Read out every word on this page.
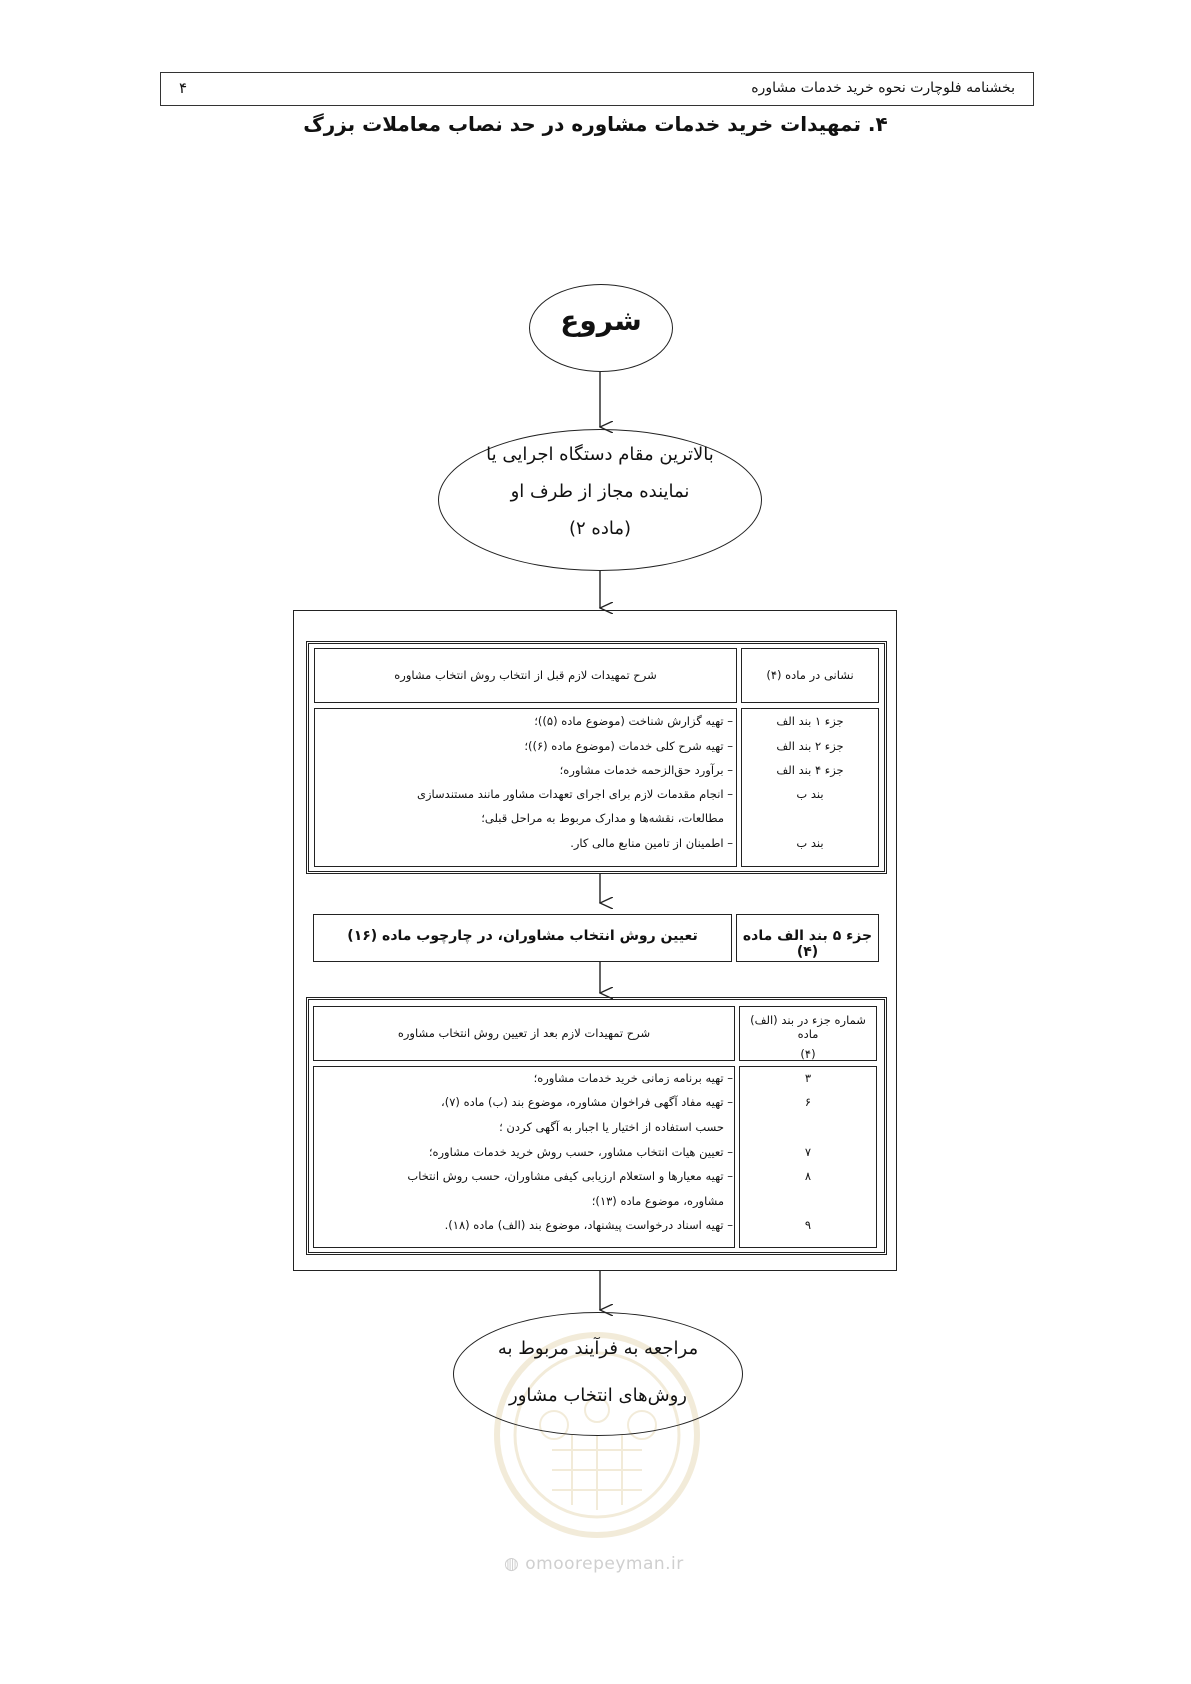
بخشنامه فلوچارت نحوه خرید خدمات مشاوره
۴
۴. تمهیدات خرید خدمات مشاوره در حد نصاب معاملات بزرگ
شروع
بالاترین مقام دستگاه اجرایی یا
نماینده مجاز از طرف او
(ماده ۲)
نشانی در ماده (۴)
شرح تمهیدات لازم قبل از انتخاب روش انتخاب مشاوره
جزء ۱ بند الف
جزء ۲ بند الف
جزء ۴ بند الف
بند ب
بند ب
– تهیه گزارش شناخت (موضوع ماده (۵))؛
– تهیه شرح کلی خدمات (موضوع ماده (۶))؛
– برآورد حق‌الزحمه خدمات مشاوره؛
– انجام مقدمات لازم برای اجرای تعهدات مشاور مانند مستندسازی
مطالعات، نقشه‌ها و مدارک مربوط به مراحل قبلی؛
– اطمینان از تامین منابع مالی کار.
جزء ۵ بند الف ماده (۴)
تعیین روش انتخاب مشاوران، در چارچوب ماده (۱۶)
شماره جزء در بند (الف) ماده
(۴)
شرح تمهیدات لازم بعد از تعیین روش انتخاب مشاوره
۳
۶
۷
۸
۹
– تهیه برنامه زمانی خرید خدمات مشاوره؛
– تهیه مفاد آگهی فراخوان مشاوره، موضوع بند (ب) ماده (۷)،
حسب استفاده از اختیار یا اجبار به آگهی کردن ؛
– تعیین هیات انتخاب مشاور، حسب روش خرید خدمات مشاوره؛
– تهیه معیارها و استعلام ارزیابی کیفی مشاوران، حسب روش انتخاب
مشاوره، موضوع ماده (۱۳)؛
– تهیه اسناد درخواست پیشنهاد، موضوع بند (الف) ماده (۱۸).
مراجعه به فرآیند مربوط به
روش‌های انتخاب مشاور
◍ omoorepeyman.ir
